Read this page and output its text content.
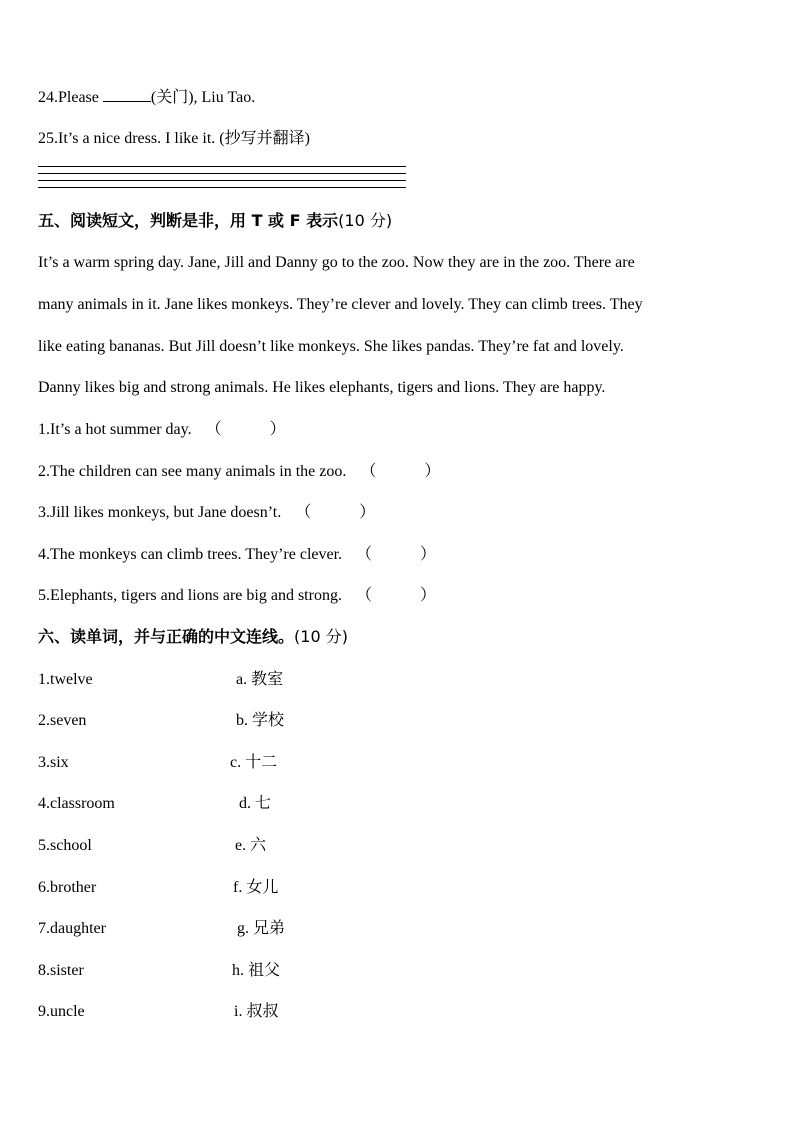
24.Please	(关门), Liu Tao.
25.It’s a nice dress. I like it. (抄写并翻译)
五、阅读短文，判断是非，用 T 或 F 表示(10 分)
It’s a warm spring day. Jane, Jill and Danny go to the zoo. Now they are in the zoo. There are
many animals in it. Jane likes monkeys. They’re clever and lovely. They can climb trees. They
like eating bananas. But Jill doesn’t like monkeys. She likes pandas. They’re fat and lovely.
Danny likes big and strong animals. He likes elephants, tigers and lions. They are happy.
1.It’s a hot summer day. （　　　）
2.The children can see many animals in the zoo. （　　　）
3.Jill likes monkeys, but Jane doesn’t. （　　　）
4.The monkeys can climb trees. They’re clever. （　　　）
5.Elephants, tigers and lions are big and strong. （　　　）
六、读单词，并与正确的中文连线。(10 分)
1.twelve
2.seven
3.six
4.classroom
5.school
6.brother
7.daughter
8.sister
9.uncle
a. 教室
b. 学校
c. 十二
d. 七
e. 六
f. 女儿
g. 兄弟
h. 祖父
i. 叔叔
